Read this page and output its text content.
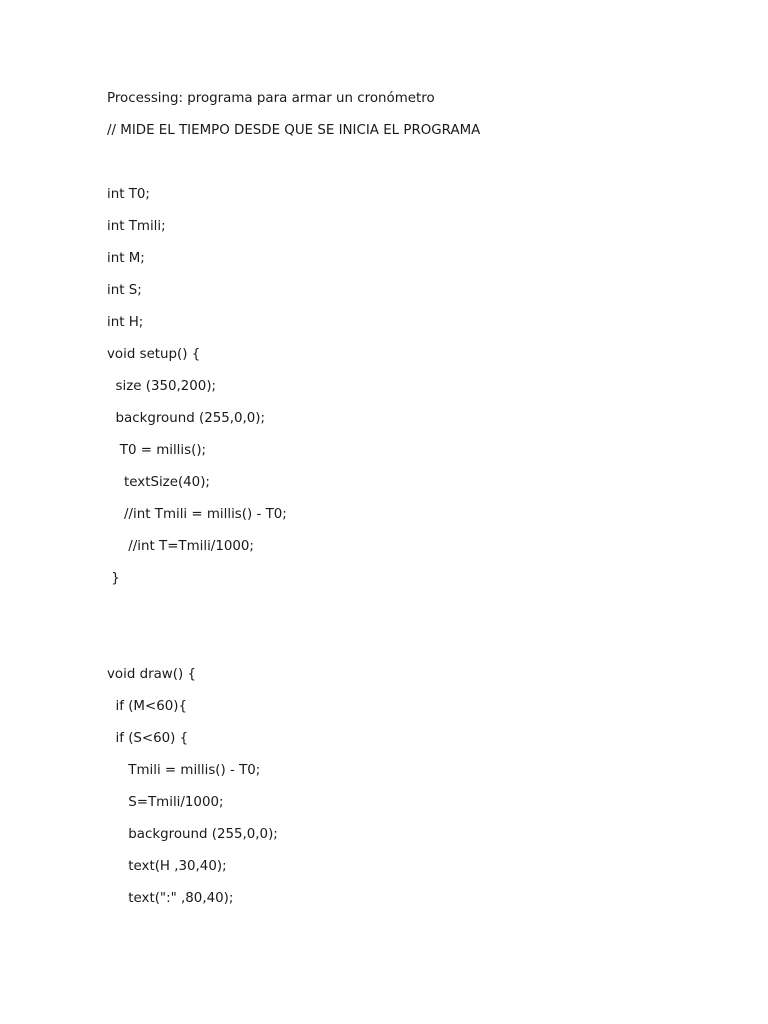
Processing: programa para armar un cronómetro

// MIDE EL TIEMPO DESDE QUE SE INICIA EL PROGRAMA

int T0;

int Tmili;

int M;

int S;

int H;

void setup() {

size (350,200);

background (255,0,0);

T0 = millis();

textSize(40);

//int Tmili = millis() - T0;

//int T=Tmili/1000;

}

void draw() {

if (M<60){

if (S<60) {

Tmili = millis() - T0;

S=Tmili/1000;

background (255,0,0);

text(H ,30,40);

text(":" ,80,40);
